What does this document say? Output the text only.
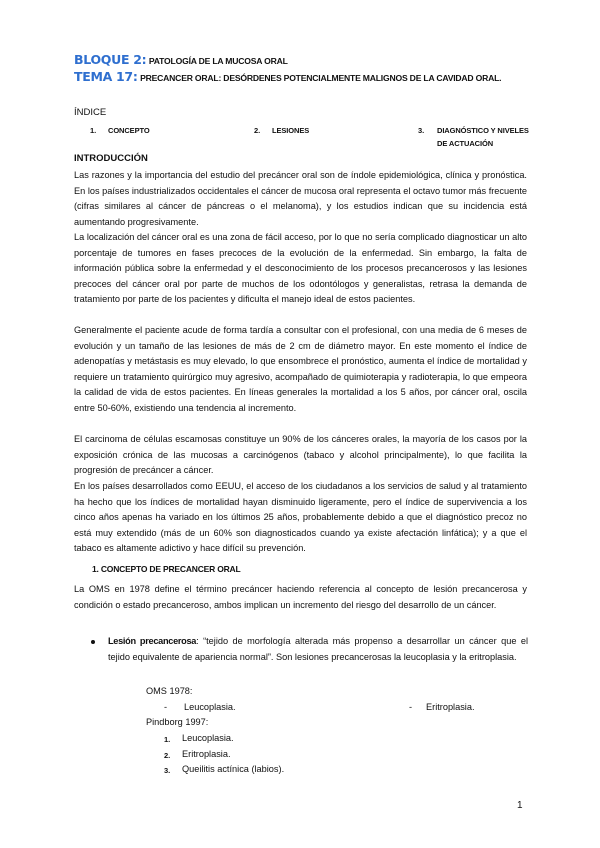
BLOQUE 2: PATOLOGÍA DE LA MUCOSA ORAL
TEMA 17: PRECANCER ORAL: DESÓRDENES POTENCIALMENTE MALIGNOS DE LA CAVIDAD ORAL.
ÍNDICE
1. CONCEPTO	2. LESIONES	3. DIAGNÓSTICO Y NIVELES
DE ACTUACIÓN
INTRODUCCIÓN
Las razones y la importancia del estudio del precáncer oral son de índole epidemiológica, clínica y pronóstica. En los países industrializados occidentales el cáncer de mucosa oral representa el octavo tumor más frecuente (cifras similares al cáncer de páncreas o el melanoma), y los estudios indican que su incidencia está aumentando progresivamente.
La localización del cáncer oral es una zona de fácil acceso, por lo que no sería complicado diagnosticar un alto porcentaje de tumores en fases precoces de la evolución de la enfermedad. Sin embargo, la falta de información pública sobre la enfermedad y el desconocimiento de los procesos precancerosos y las lesiones precoces del cáncer oral por parte de muchos de los odontólogos y generalistas, retrasa la demanda de tratamiento por parte de los pacientes y dificulta el manejo ideal de estos pacientes.
Generalmente el paciente acude de forma tardía a consultar con el profesional, con una media de 6 meses de evolución y un tamaño de las lesiones de más de 2 cm de diámetro mayor. En este momento el índice de adenopatías y metástasis es muy elevado, lo que ensombrece el pronóstico, aumenta el índice de mortalidad y requiere un tratamiento quirúrgico muy agresivo, acompañado de quimioterapia y radioterapia, lo que empeora la calidad de vida de estos pacientes. En líneas generales la mortalidad a los 5 años, por cáncer oral, oscila entre 50-60%, existiendo una tendencia al incremento.
El carcinoma de células escamosas constituye un 90% de los cánceres orales, la mayoría de los casos por la exposición crónica de las mucosas a carcinógenos (tabaco y alcohol principalmente), lo que facilita la progresión de precáncer a cáncer.
En los países desarrollados como EEUU, el acceso de los ciudadanos a los servicios de salud y al tratamiento ha hecho que los índices de mortalidad hayan disminuido ligeramente, pero el índice de supervivencia a los cinco años apenas ha variado en los últimos 25 años, probablemente debido a que el diagnóstico precoz no está muy extendido (más de un 60% son diagnosticados cuando ya existe afectación linfática); y a que el tabaco es altamente adictivo y hace difícil su prevención.
1. CONCEPTO DE PRECANCER ORAL
La OMS en 1978 define el término precáncer haciendo referencia al concepto de lesión precancerosa y condición o estado precanceroso, ambos implican un incremento del riesgo del desarrollo de un cáncer.
Lesión precancerosa: “tejido de morfología alterada más propenso a desarrollar un cáncer que el tejido equivalente de apariencia normal”. Son lesiones precancerosas la leucoplasia y la eritroplasia.
OMS 1978:
- Leucoplasia.	- Eritroplasia.
Pindborg 1997:
1. Leucoplasia.
2. Eritroplasia.
3. Queilitis actínica (labios).
1
